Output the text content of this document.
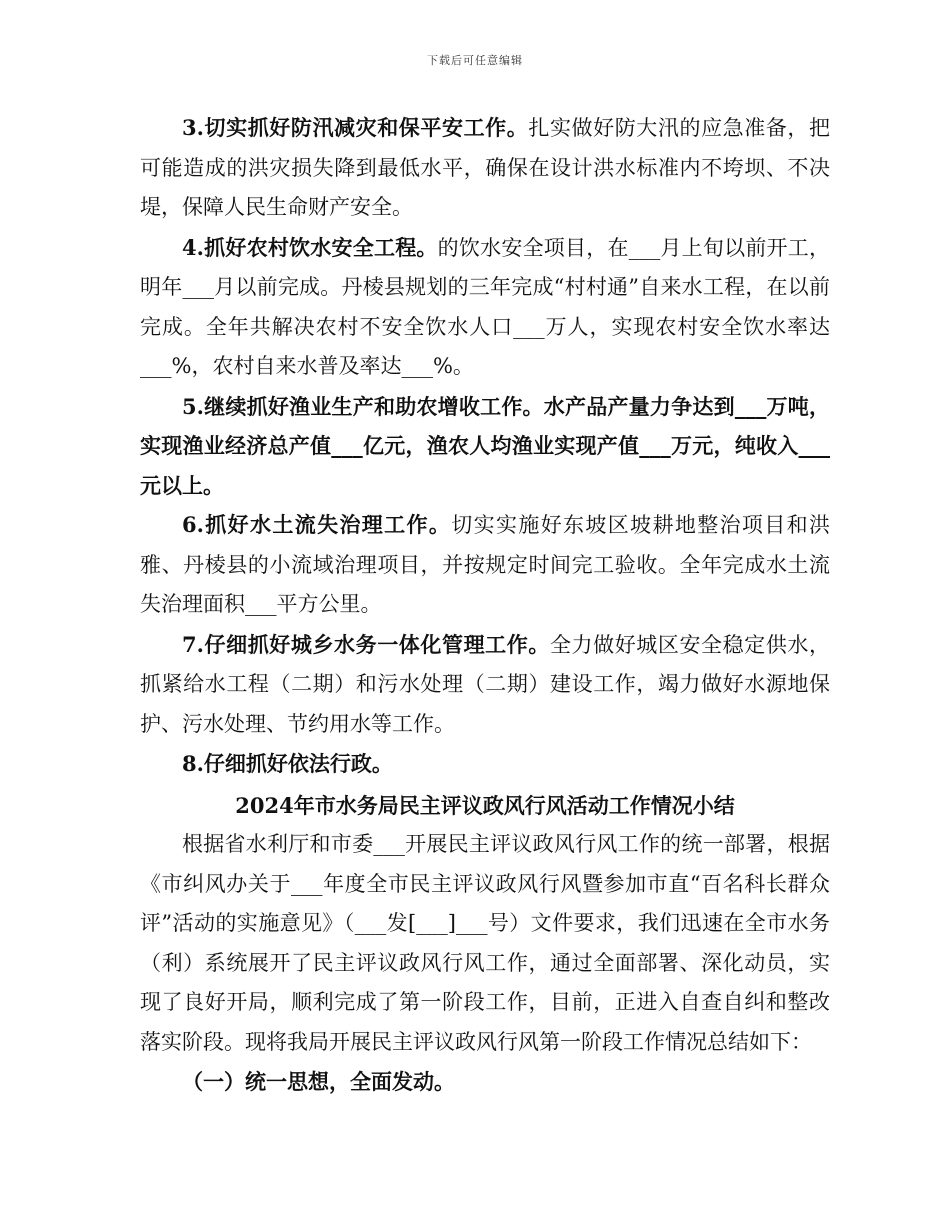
下载后可任意编辑

3.切实抓好防汛减灾和保平安工作。扎实做好防大汛的应急准备，把可能造成的洪灾损失降到最低水平，确保在设计洪水标准内不垮坝、不决堤，保障人民生命财产安全。

4.抓好农村饮水安全工程。的饮水安全项目，在___月上旬以前开工，明年___月以前完成。丹棱县规划的三年完成“村村通”自来水工程，在以前完成。全年共解决农村不安全饮水人口___万人，实现农村安全饮水率达___%，农村自来水普及率达___%。

5.继续抓好渔业生产和助农增收工作。水产品产量力争达到___万吨，实现渔业经济总产值___亿元，渔农人均渔业实现产值___万元，纯收入___元以上。

6.抓好水土流失治理工作。切实实施好东坡区坡耕地整治项目和洪雅、丹棱县的小流域治理项目，并按规定时间完工验收。全年完成水土流失治理面积___平方公里。

7.仔细抓好城乡水务一体化管理工作。全力做好城区安全稳定供水，抓紧给水工程（二期）和污水处理（二期）建设工作，竭力做好水源地保护、污水处理、节约用水等工作。

8.仔细抓好依法行政。

2024年市水务局民主评议政风行风活动工作情况小结

根据省水利厅和市委___开展民主评议政风行风工作的统一部署，根据《市纠风办关于___年度全市民主评议政风行风暨参加市直“百名科长群众评”活动的实施意见》（___发[___]___号）文件要求，我们迅速在全市水务（利）系统展开了民主评议政风行风工作，通过全面部署、深化动员，实现了良好开局，顺利完成了第一阶段工作，目前，正进入自查自纠和整改落实阶段。现将我局开展民主评议政风行风第一阶段工作情况总结如下：

（一）统一思想，全面发动。
